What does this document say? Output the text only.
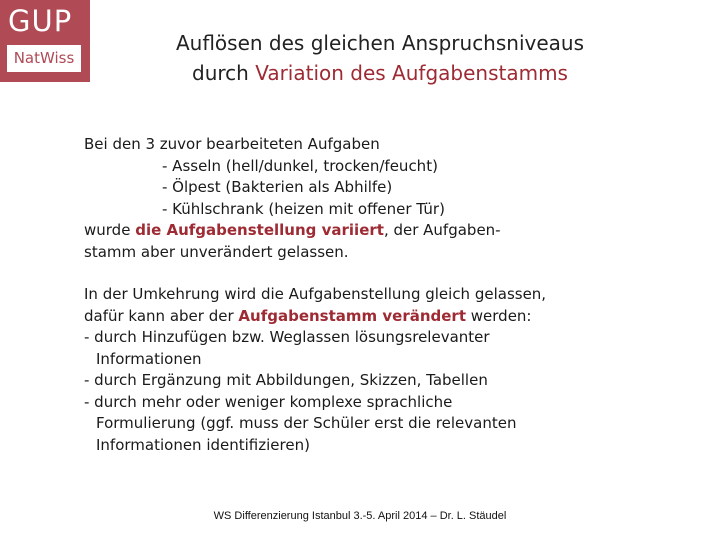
GUP
NatWiss
Auflösen des gleichen Anspruchsniveaus
durch Variation des Aufgabenstamms
Bei den 3 zuvor bearbeiteten Aufgaben
- Asseln (hell/dunkel, trocken/feucht)
- Ölpest (Bakterien als Abhilfe)
- Kühlschrank (heizen mit offener Tür)
wurde die Aufgabenstellung variiert, der Aufgaben-
stamm aber unverändert gelassen.
In der Umkehrung wird die Aufgabenstellung gleich gelassen,
dafür kann aber der Aufgabenstamm verändert werden:
- durch Hinzufügen bzw. Weglassen lösungsrelevanter
Informationen
- durch Ergänzung mit Abbildungen, Skizzen, Tabellen
- durch mehr oder weniger komplexe sprachliche
Formulierung (ggf. muss der Schüler erst die relevanten
Informationen identifizieren)
WS Differenzierung Istanbul 3.-5. April 2014 – Dr. L. Stäudel
